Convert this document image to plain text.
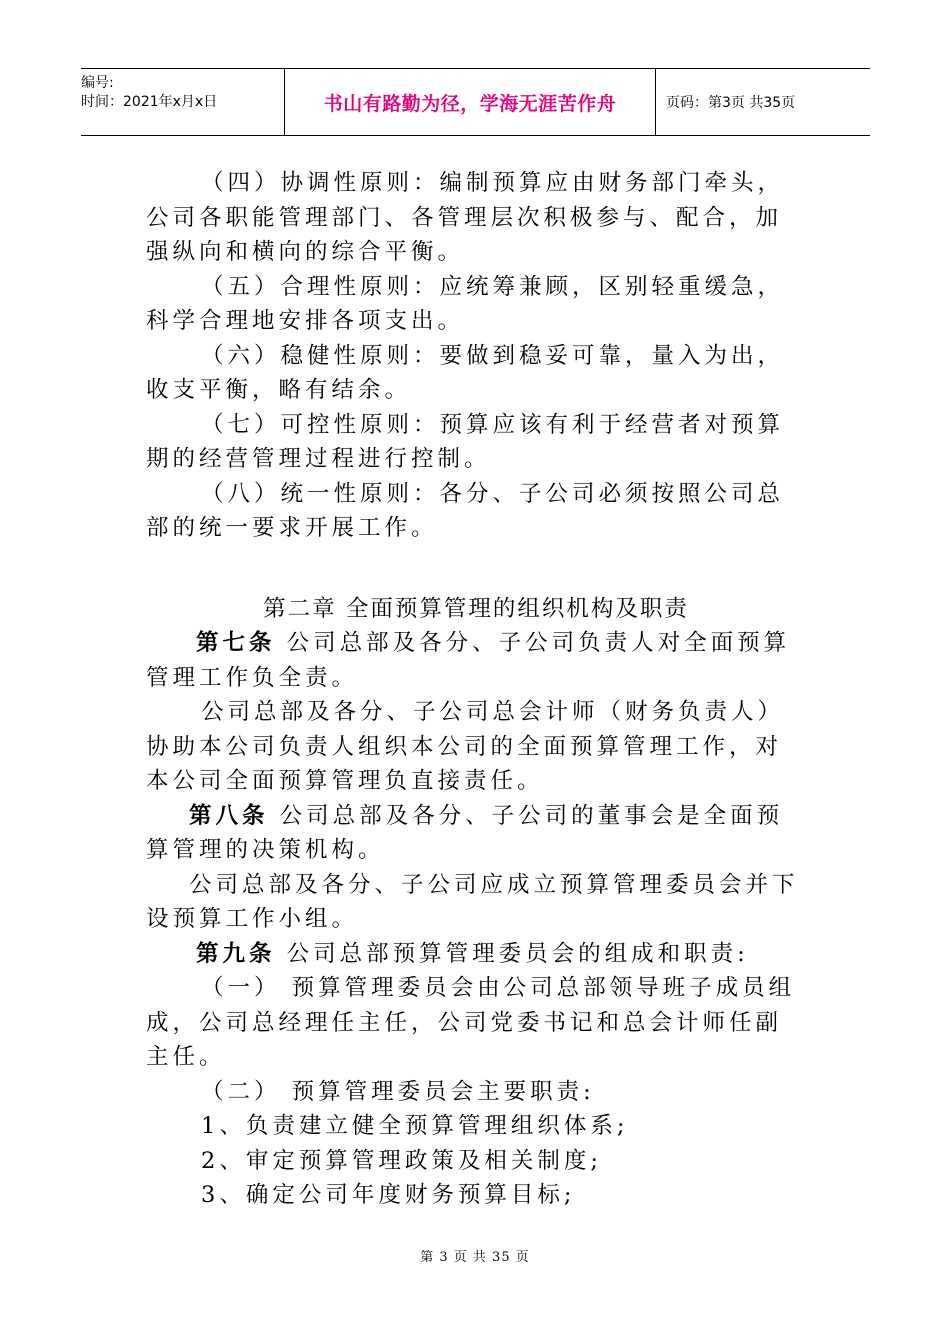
编号:
时间：2021年x月x日	书山有路勤为径，学海无涯苦作舟	页码：第3页 共35页

（四）协调性原则：编制预算应由财务部门牵头，公司各职能管理部门、各管理层次积极参与、配合，加强纵向和横向的综合平衡。

（五）合理性原则：应统筹兼顾，区别轻重缓急，科学合理地安排各项支出。

（六）稳健性原则：要做到稳妥可靠，量入为出，收支平衡，略有结余。

（七）可控性原则：预算应该有利于经营者对预算期的经营管理过程进行控制。

（八）统一性原则：各分、子公司必须按照公司总部的统一要求开展工作。

第二章 全面预算管理的组织机构及职责

第七条 公司总部及各分、子公司负责人对全面预算管理工作负全责。

公司总部及各分、子公司总会计师（财务负责人）协助本公司负责人组织本公司的全面预算管理工作，对本公司全面预算管理负直接责任。

第八条 公司总部及各分、子公司的董事会是全面预算管理的决策机构。

公司总部及各分、子公司应成立预算管理委员会并下设预算工作小组。

第九条 公司总部预算管理委员会的组成和职责:

（一） 预算管理委员会由公司总部领导班子成员组成，公司总经理任主任，公司党委书记和总会计师任副主任。

（二） 预算管理委员会主要职责:

1、负责建立健全预算管理组织体系;

2、审定预算管理政策及相关制度;

3、确定公司年度财务预算目标;

第 3 页 共 35 页
